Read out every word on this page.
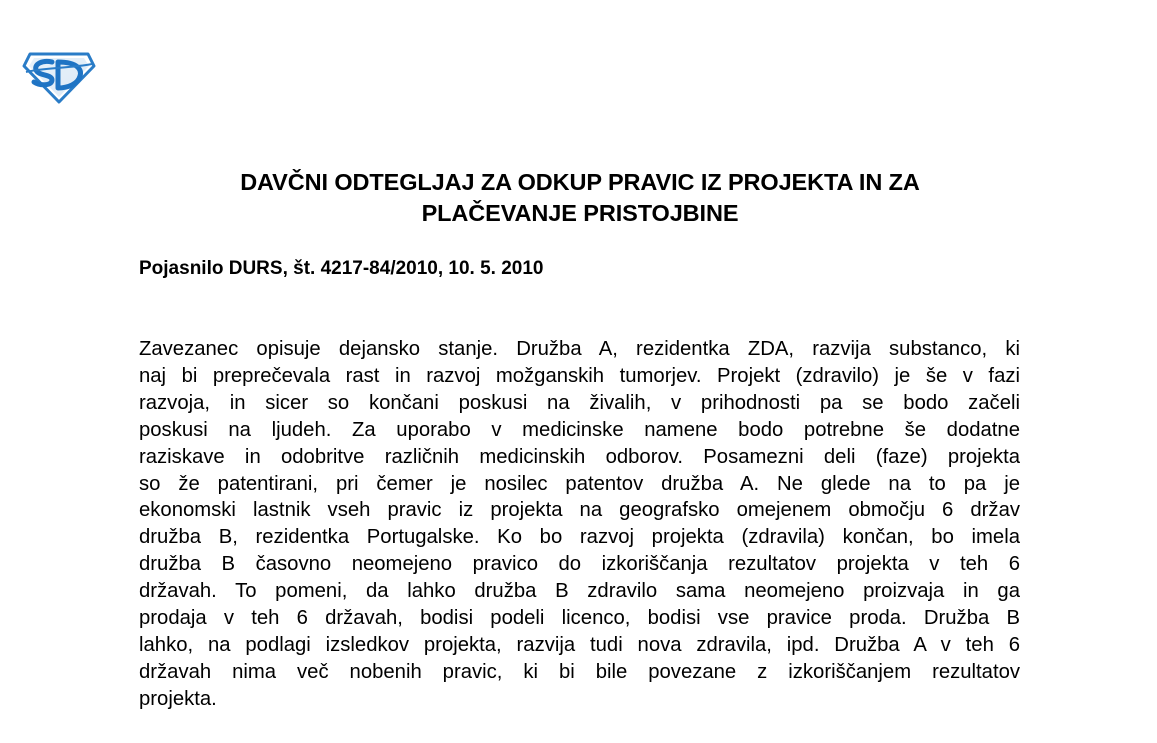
DAVČNI ODTEGLJAJ ZA ODKUP PRAVIC IZ PROJEKTA IN ZA
PLAČEVANJE PRISTOJBINE
Pojasnilo DURS, št. 4217-84/2010, 10. 5. 2010
Zavezanec opisuje dejansko stanje. Družba A, rezidentka ZDA, razvija substanco, ki
naj bi preprečevala rast in razvoj možganskih tumorjev. Projekt (zdravilo) je še v fazi
razvoja, in sicer so končani poskusi na živalih, v prihodnosti pa se bodo začeli
poskusi na ljudeh. Za uporabo v medicinske namene bodo potrebne še dodatne
raziskave in odobritve različnih medicinskih odborov. Posamezni deli (faze) projekta
so že patentirani, pri čemer je nosilec patentov družba A. Ne glede na to pa je
ekonomski lastnik vseh pravic iz projekta na geografsko omejenem območju 6 držav
družba B, rezidentka Portugalske. Ko bo razvoj projekta (zdravila) končan, bo imela
družba B časovno neomejeno pravico do izkoriščanja rezultatov projekta v teh 6
državah. To pomeni, da lahko družba B zdravilo sama neomejeno proizvaja in ga
prodaja v teh 6 državah, bodisi podeli licenco, bodisi vse pravice proda. Družba B
lahko, na podlagi izsledkov projekta, razvija tudi nova zdravila, ipd. Družba A v teh 6
državah nima več nobenih pravic, ki bi bile povezane z izkoriščanjem rezultatov
projekta.
